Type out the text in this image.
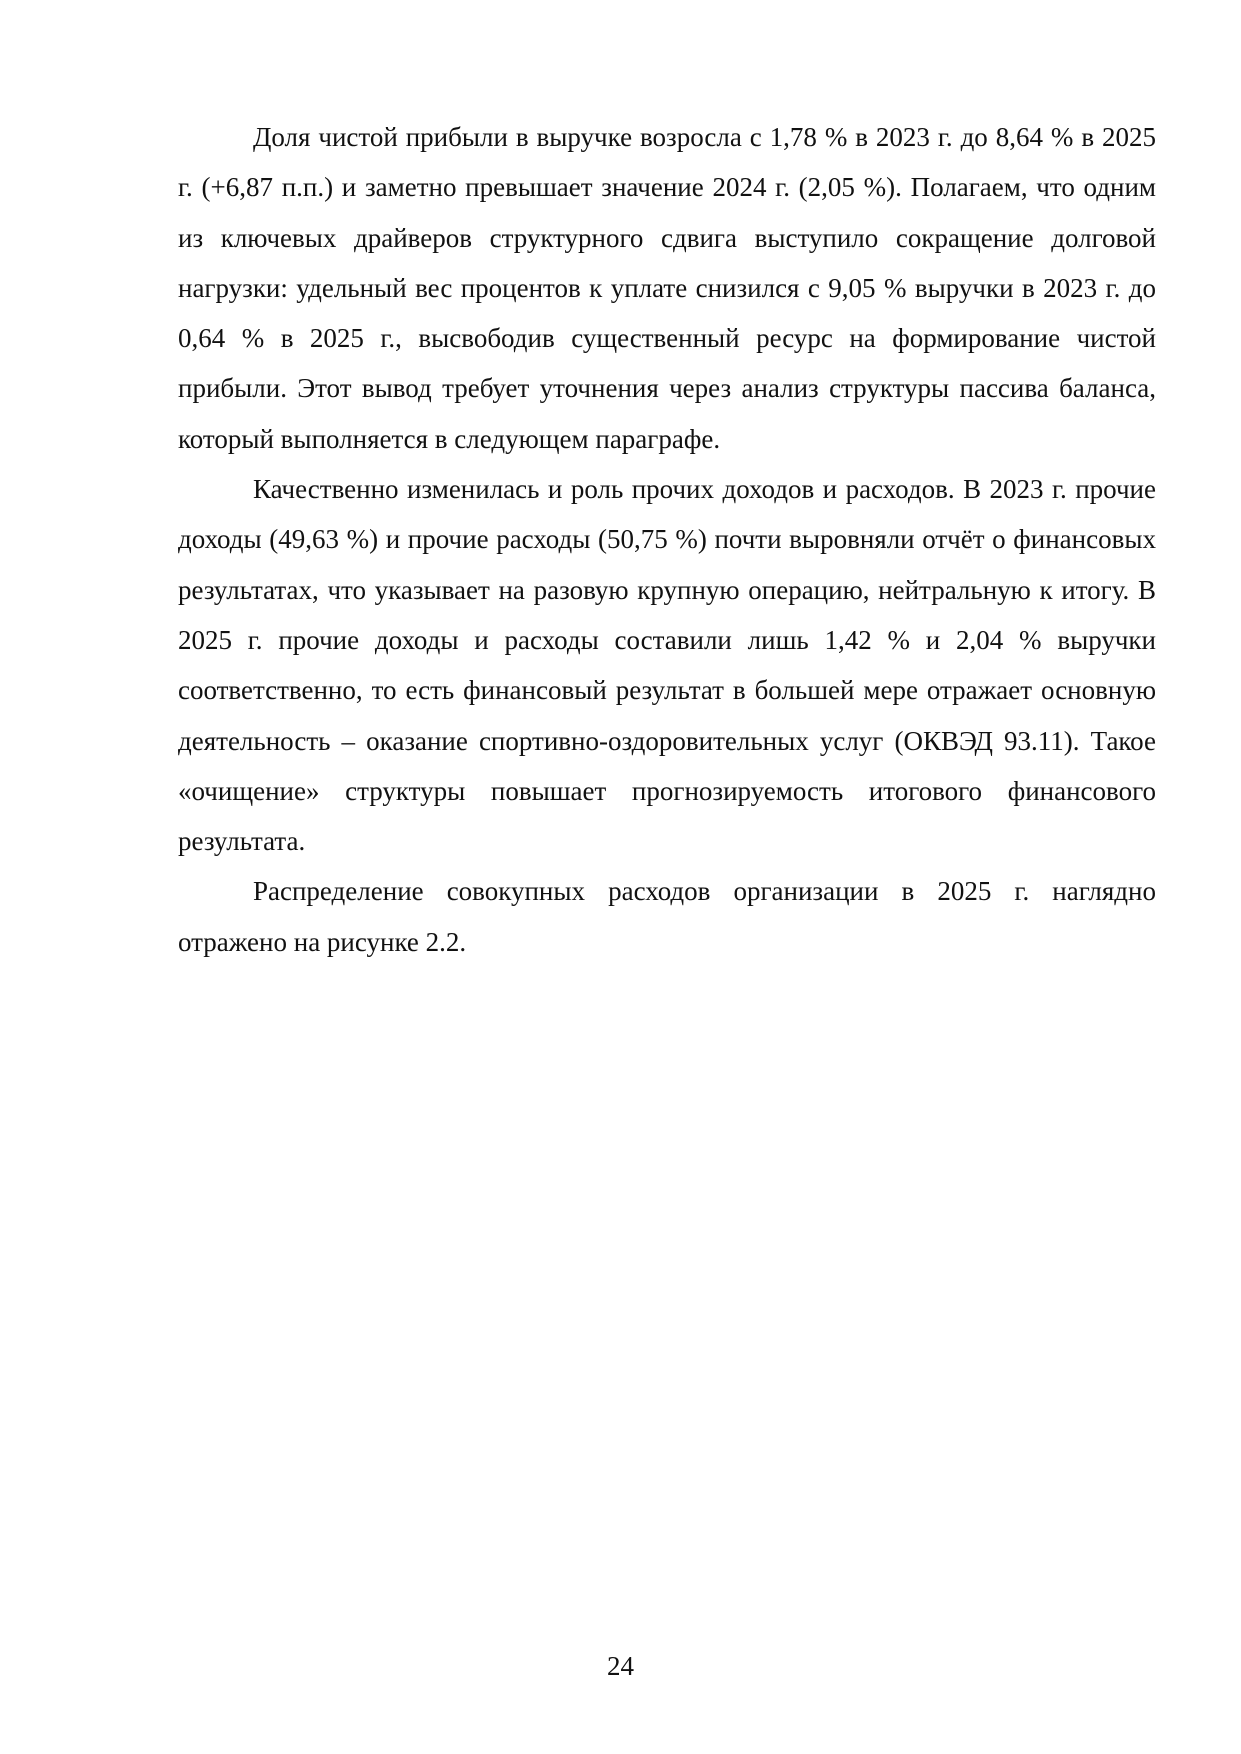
Доля чистой прибыли в выручке возросла с 1,78 % в 2023 г. до 8,64 % в 2025 г. (+6,87 п.п.) и заметно превышает значение 2024 г. (2,05 %). Полагаем, что одним из ключевых драйверов структурного сдвига выступило сокращение долговой нагрузки: удельный вес процентов к уплате снизился с 9,05 % выручки в 2023 г. до 0,64 % в 2025 г., высвободив существенный ресурс на формирование чистой прибыли. Этот вывод требует уточнения через анализ структуры пассива баланса, который выполняется в следующем параграфе.

Качественно изменилась и роль прочих доходов и расходов. В 2023 г. прочие доходы (49,63 %) и прочие расходы (50,75 %) почти выровняли отчёт о финансовых результатах, что указывает на разовую крупную операцию, нейтральную к итогу. В 2025 г. прочие доходы и расходы составили лишь 1,42 % и 2,04 % выручки соответственно, то есть финансовый результат в большей мере отражает основную деятельность – оказание спортивно-оздоровительных услуг (ОКВЭД 93.11). Такое «очищение» структуры повышает прогнозируемость итогового финансового результата.

Распределение совокупных расходов организации в 2025 г. наглядно отражено на рисунке 2.2.

24
